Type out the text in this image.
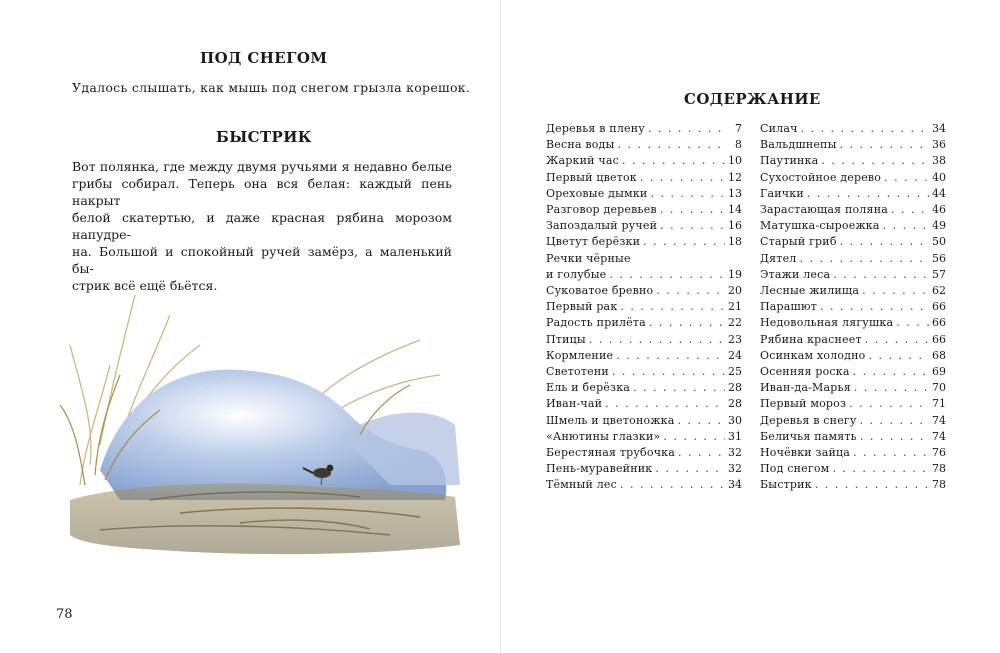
ПОД СНЕГОМ

Удалось слышать, как мышь под снегом грызла корешок.

БЫСТРИК

Вот полянка, где между двумя ручьями я недавно белые
грибы собирал. Теперь она вся белая: каждый пень накрыт
белой скатертью, и даже красная рябина морозом напудре-
на. Большой и спокойный ручей замёрз, а маленький бы-
стрик всё ещё бьётся.

78

СОДЕРЖАНИЕ
Деревья в плену . . .	7
Весна воды . . .	8
Жаркий час . . .	10
Первый цветок . . .	12
Ореховые дымки . . .	13
Разговор деревьев . . .	14
Запоздалый ручей . . .	16
Цветут берёзки . . .	18
Речки чёрные
и голубые . . .	19
Суковатое бревно . . .	20
Первый рак . . .	21
Радость прилёта . . .	22
Птицы . . .	23
Кормление . . .	24
Светотени . . .	25
Ель и берёзка . . .	28
Иван-чай . . .	28
Шмель и цветоножка . . .	30
«Анютины глазки» . . .	31
Берестяная трубочка . . .	32
Пень-муравейник . . .	32
Тёмный лес . . .	34
Силач . . .	34
Вальдшнепы . . .	36
Паутинка . . .	38
Сухостойное дерево . . .	40
Гаички . . .	44
Зарастающая поляна . . .	46
Матушка-сыроежка . . .	49
Старый гриб . . .	50
Дятел . . .	56
Этажи леса . . .	57
Лесные жилища . . .	62
Парашют . . .	66
Недовольная лягушка . . .	66
Рябина краснеет . . .	66
Осинкам холодно . . .	68
Осенняя роска . . .	69
Иван-да-Марья . . .	70
Первый мороз . . .	71
Деревья в снегу . . .	74
Беличья память . . .	74
Ночёвки зайца . . .	76
Под снегом . . .	78
Быстрик . . .	78
